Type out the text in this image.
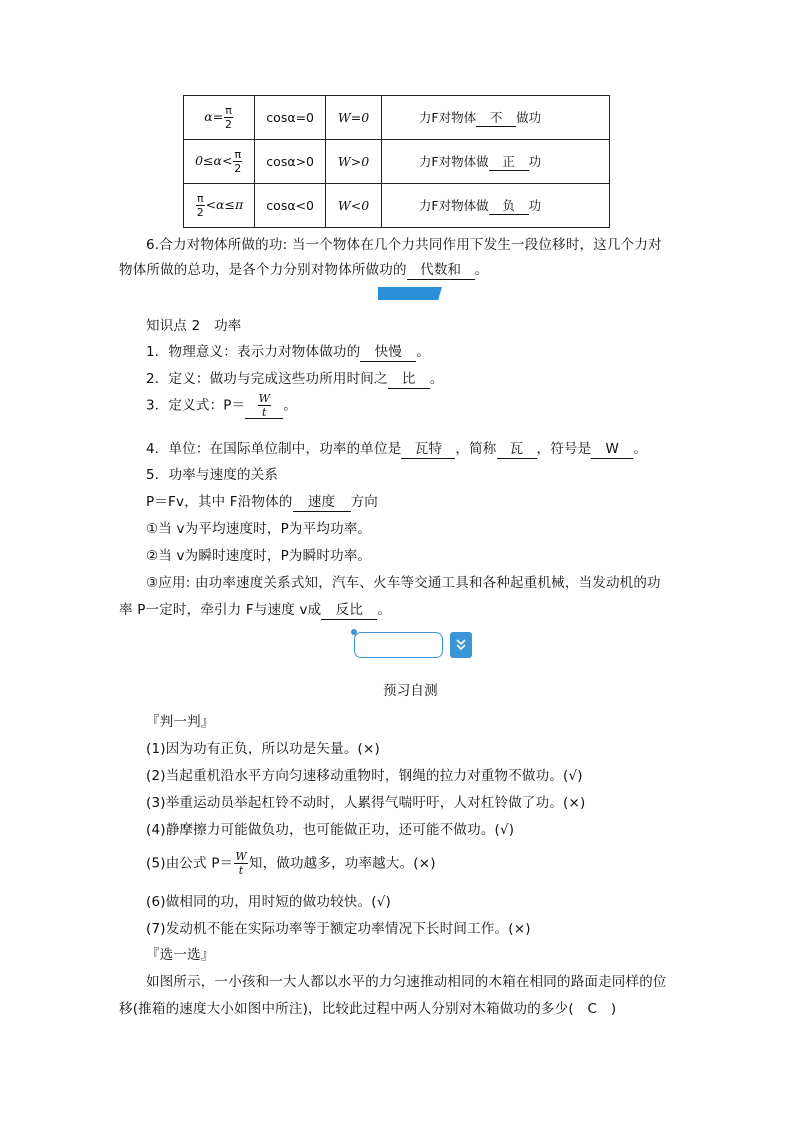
$\alpha= \frac{\pi}{2}$	cosα=0	W=0	力F对物体 不 做功
$0\le\alpha< \frac{\pi}{2}$	cosα>0	W>0	力F对物体做 正 功

$\frac{\pi}{2} <\alpha\le\pi$	cosα<0	W<0	力F对物体做 负 功
6.合力对物体所做的功: 当一个物体在几个力共同作用下发生一段位移时，这几个力对
物体所做的总功，是各个力分别对物体所做功的 代数和 。
知识点 2　功率
1．物理意义：表示力对物体做功的 快慢 。
2．定义：做功与完成这些功所用时间之 比 。
3．定义式：$P= \frac{W}{t}$ 。
4．单位：在国际单位制中，功率的单位是 瓦特 ，简称 瓦 ，符号是 W 。
5．功率与速度的关系
P＝Fv，其中 F沿物体的 速度 方向
①当 v为平均速度时，P为平均功率。
②当 v为瞬时速度时，P为瞬时功率。
③应用: 由功率速度关系式知，汽车、火车等交通工具和各种起重机械，当发动机的功
率 P一定时，牵引力 F与速度 v成 反比 。
预习自测
『判一判』
(1)因为功有正负，所以功是矢量。(×)
(2)当起重机沿水平方向匀速移动重物时，钢绳的拉力对重物不做功。(√)
(3)举重运动员举起杠铃不动时，人累得气喘吁吁，人对杠铃做了功。(×)
(4)静摩擦力可能做负功，也可能做正功，还可能不做功。(√)
(5)由公式 $P= \frac{W}{t}$ 知，做功越多，功率越大。(×)
(6)做相同的功，用时短的做功较快。(√)
(7)发动机不能在实际功率等于额定功率情况下长时间工作。(×)
『选一选』
如图所示，一小孩和一大人都以水平的力匀速推动相同的木箱在相同的路面走同样的位
移(推箱的速度大小如图中所注)，比较此过程中两人分别对木箱做功的多少(　C　)
